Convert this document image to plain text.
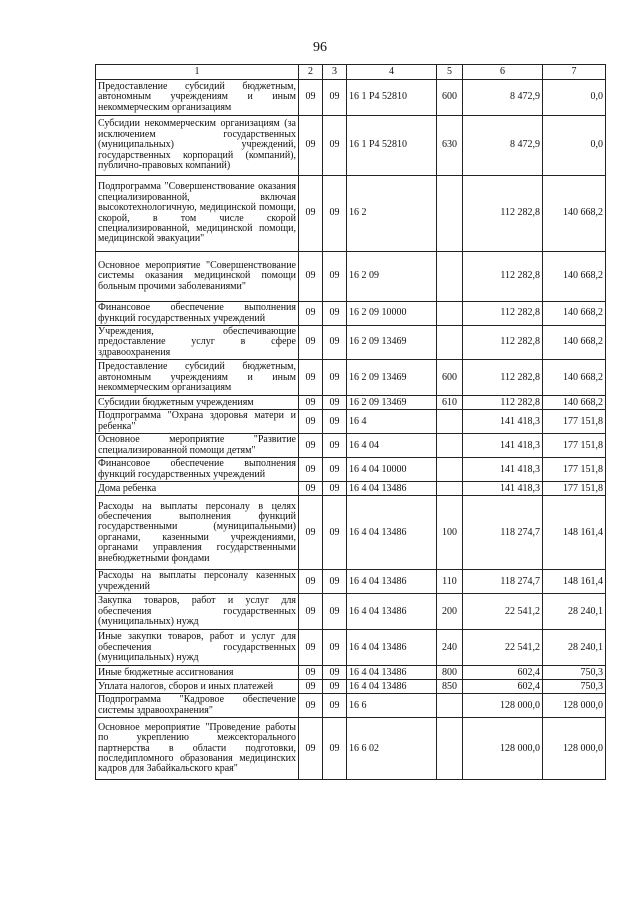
96
1	2	3	4	5	6	7
Предоставление субсидий бюджетным, автономным учреждениям и иным некоммерческим организациям	09	09	16 1 Р4 52810	600	8 472,9	0,0
Субсидии некоммерческим организациям (за исключением государственных (муниципальных) учреждений, государственных корпораций (компаний), публично-правовых компаний)	09	09	16 1 Р4 52810	630	8 472,9	0,0
Подпрограмма "Совершенствование оказания специализированной, включая высокотехнологичную, медицинской помощи, скорой, в том числе скорой специализированной, медицинской помощи, медицинской эвакуации"	09	09	16 2		112 282,8	140 668,2
Основное мероприятие "Совершенствование системы оказания медицинской помощи больным прочими заболеваниями"	09	09	16 2 09		112 282,8	140 668,2
Финансовое обеспечение выполнения функций государственных учреждений	09	09	16 2 09 10000		112 282,8	140 668,2
Учреждения, обеспечивающие предоставление услуг в сфере здравоохранения	09	09	16 2 09 13469		112 282,8	140 668,2
Предоставление субсидий бюджетным, автономным учреждениям и иным некоммерческим организациям	09	09	16 2 09 13469	600	112 282,8	140 668,2
Субсидии бюджетным учреждениям	09	09	16 2 09 13469	610	112 282,8	140 668,2
Подпрограмма "Охрана здоровья матери и ребенка"	09	09	16 4		141 418,3	177 151,8
Основное мероприятие "Развитие специализированной помощи детям"	09	09	16 4 04		141 418,3	177 151,8
Финансовое обеспечение выполнения функций государственных учреждений	09	09	16 4 04 10000		141 418,3	177 151,8
Дома ребенка	09	09	16 4 04 13486		141 418,3	177 151,8
Расходы на выплаты персоналу в целях обеспечения выполнения функций государственными (муниципальными) органами, казенными учреждениями, органами управления государственными внебюджетными фондами	09	09	16 4 04 13486	100	118 274,7	148 161,4
Расходы на выплаты персоналу казенных учреждений	09	09	16 4 04 13486	110	118 274,7	148 161,4
Закупка товаров, работ и услуг для обеспечения государственных (муниципальных) нужд	09	09	16 4 04 13486	200	22 541,2	28 240,1
Иные закупки товаров, работ и услуг для обеспечения государственных (муниципальных) нужд	09	09	16 4 04 13486	240	22 541,2	28 240,1
Иные бюджетные ассигнования	09	09	16 4 04 13486	800	602,4	750,3
Уплата налогов, сборов и иных платежей	09	09	16 4 04 13486	850	602,4	750,3
Подпрограмма "Кадровое обеспечение системы здравоохранения"	09	09	16 6		128 000,0	128 000,0
Основное мероприятие "Проведение работы по укреплению межсекторального партнерства в области подготовки, последипломного образования медицинских кадров для Забайкальского края"	09	09	16 6 02		128 000,0	128 000,0
